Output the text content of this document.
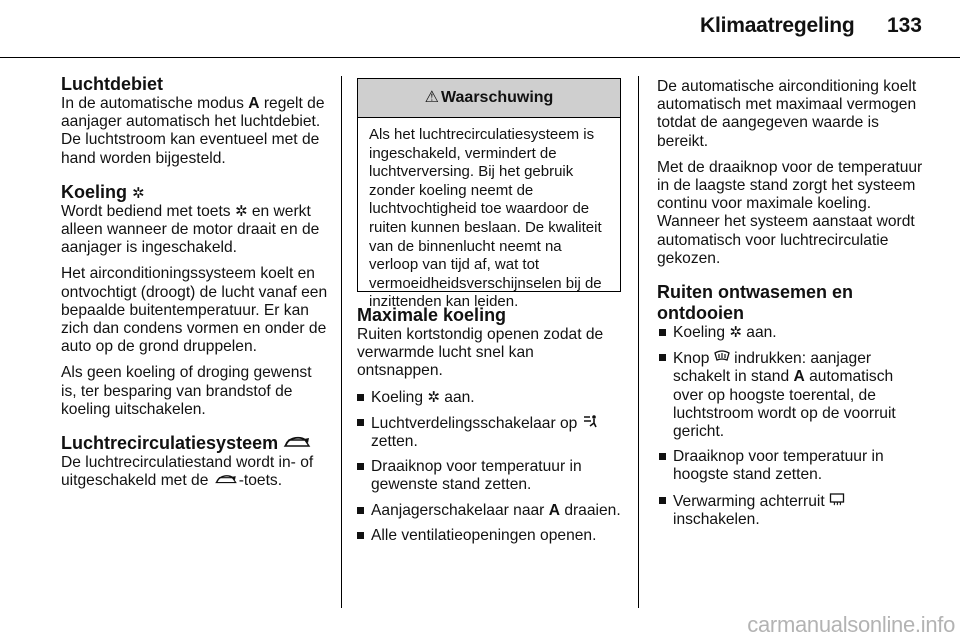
Klimaatregeling	133
Luchtdebiet

In de automatische modus A regelt de aanjager automatisch het luchtdebiet. De luchtstroom kan eventueel met de hand worden bijgesteld.

Koeling ✲

Wordt bediend met toets ✲ en werkt alleen wanneer de motor draait en de aanjager is ingeschakeld.

Het airconditioningssysteem koelt en ontvochtigt (droogt) de lucht vanaf een bepaalde buitentemperatuur. Er kan zich dan condens vormen en onder de auto op de grond druppelen.

Als geen koeling of droging gewenst is, ter besparing van brandstof de koeling uitschakelen.

Luchtrecirculatiesysteem

De luchtrecirculatiestand wordt in- of uitgeschakeld met de -toets.

⚠ Waarschuwing

Als het luchtrecirculatiesysteem is ingeschakeld, vermindert de luchtverversing. Bij het gebruik zonder koeling neemt de luchtvochtigheid toe waardoor de ruiten kunnen beslaan. De kwaliteit van de binnenlucht neemt na verloop van tijd af, wat tot vermoeidheidsverschijnselen bij de inzittenden kan leiden.

Maximale koeling

Ruiten kortstondig openen zodat de verwarmde lucht snel kan ontsnappen.

Koeling ✲ aan.
Luchtverdelingsschakelaar op  zetten.
Draaiknop voor temperatuur in gewenste stand zetten.
Aanjagerschakelaar naar A draaien.
Alle ventilatieopeningen openen.

De automatische airconditioning koelt automatisch met maximaal vermogen totdat de aangegeven waarde is bereikt.

Met de draaiknop voor de temperatuur in de laagste stand zorgt het systeem continu voor maximale koeling. Wanneer het systeem aanstaat wordt automatisch voor luchtrecirculatie gekozen.

Ruiten ontwasemen en
ontdooien
Koeling ✲ aan.
Knop  indrukken: aanjager schakelt in stand A automatisch over op hoogste toerental, de luchtstroom wordt op de voorruit gericht.
Draaiknop voor temperatuur in hoogste stand zetten.
Verwarming achterruit  inschakelen.
carmanualsonline.info
